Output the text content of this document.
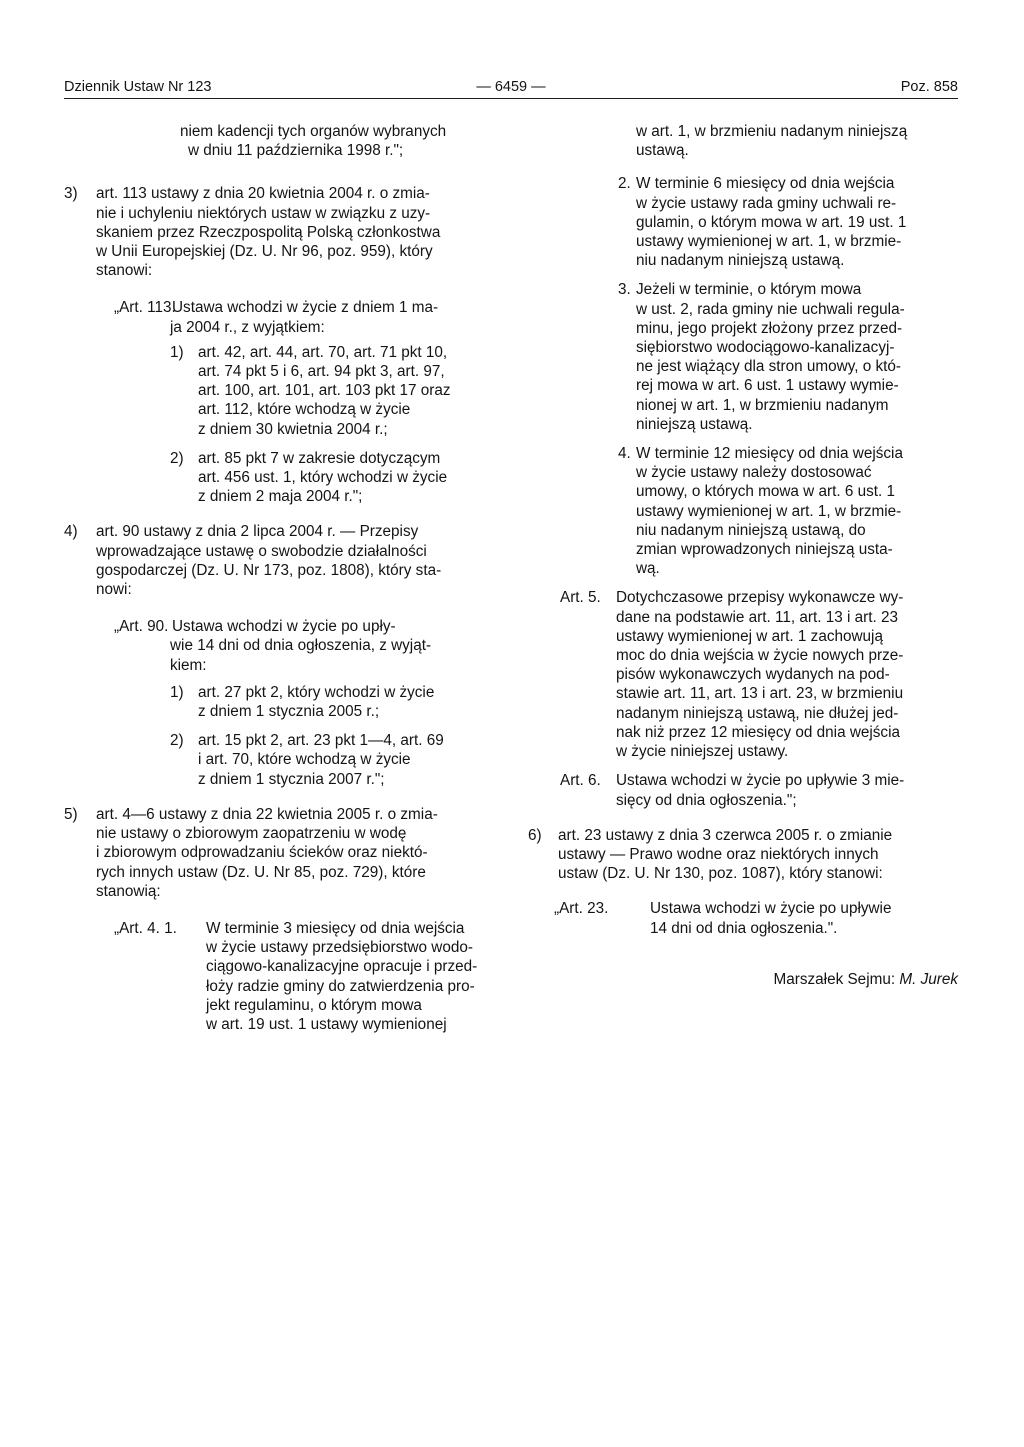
Dziennik Ustaw Nr 123	— 6459 —	Poz. 858
niem kadencji tych organów wybranych
w dniu 11 października 1998 r.";
3) art. 113 ustawy z dnia 20 kwietnia 2004 r. o zmia-
nie i uchyleniu niektórych ustaw w związku z uzy-
skaniem przez Rzeczpospolitą Polską członkostwa
w Unii Europejskiej (Dz. U. Nr 96, poz. 959), który
stanowi:
„Art. 113.
Ustawa wchodzi w życie z dniem 1 ma-
ja 2004 r., z wyjątkiem:
1) art. 42, art. 44, art. 70, art. 71 pkt 10,
art. 74 pkt 5 i 6, art. 94 pkt 3, art. 97,
art. 100, art. 101, art. 103 pkt 17 oraz
art. 112, które wchodzą w życie
z dniem 30 kwietnia 2004 r.;
2) art. 85 pkt 7 w zakresie dotyczącym
art. 456 ust. 1, który wchodzi w życie
z dniem 2 maja 2004 r.";
4) art. 90 ustawy z dnia 2 lipca 2004 r. — Przepisy
wprowadzające ustawę o swobodzie działalności
gospodarczej (Dz. U. Nr 173, poz. 1808), który sta-
nowi:
„Art. 90. Ustawa wchodzi w życie po upły-
wie 14 dni od dnia ogłoszenia, z wyjąt-
kiem:
1) art. 27 pkt 2, który wchodzi w życie
z dniem 1 stycznia 2005 r.;
2) art. 15 pkt 2, art. 23 pkt 1—4, art. 69
i art. 70, które wchodzą w życie
z dniem 1 stycznia 2007 r.";
5) art. 4—6 ustawy z dnia 22 kwietnia 2005 r. o zmia-
nie ustawy o zbiorowym zaopatrzeniu w wodę
i zbiorowym odprowadzaniu ścieków oraz niektó-
rych innych ustaw (Dz. U. Nr 85, poz. 729), które
stanowią:
„Art. 4. 1. W terminie 3 miesięcy od dnia wejścia
w życie ustawy przedsiębiorstwo wodo-
ciągowo-kanalizacyjne opracuje i przed-
łoży radzie gminy do zatwierdzenia pro-
jekt regulaminu, o którym mowa
w art. 19 ust. 1 ustawy wymienionej
w art. 1, w brzmieniu nadanym niniejszą
ustawą.
2. W terminie 6 miesięcy od dnia wejścia
w życie ustawy rada gminy uchwali re-
gulamin, o którym mowa w art. 19 ust. 1
ustawy wymienionej w art. 1, w brzmie-
niu nadanym niniejszą ustawą.
3. Jeżeli w terminie, o którym mowa
w ust. 2, rada gminy nie uchwali regula-
minu, jego projekt złożony przez przed-
siębiorstwo wodociągowo-kanalizacyj-
ne jest wiążący dla stron umowy, o któ-
rej mowa w art. 6 ust. 1 ustawy wymie-
nionej w art. 1, w brzmieniu nadanym
niniejszą ustawą.
4. W terminie 12 miesięcy od dnia wejścia
w życie ustawy należy dostosować
umowy, o których mowa w art. 6 ust. 1
ustawy wymienionej w art. 1, w brzmie-
niu nadanym niniejszą ustawą, do
zmian wprowadzonych niniejszą usta-
wą.
Art. 5. Dotychczasowe przepisy wykonawcze wy-
dane na podstawie art. 11, art. 13 i art. 23
ustawy wymienionej w art. 1 zachowują
moc do dnia wejścia w życie nowych prze-
pisów wykonawczych wydanych na pod-
stawie art. 11, art. 13 i art. 23, w brzmieniu
nadanym niniejszą ustawą, nie dłużej jed-
nak niż przez 12 miesięcy od dnia wejścia
w życie niniejszej ustawy.
Art. 6. Ustawa wchodzi w życie po upływie 3 mie-
sięcy od dnia ogłoszenia.";
6) art. 23 ustawy z dnia 3 czerwca 2005 r. o zmianie
ustawy — Prawo wodne oraz niektórych innych
ustaw (Dz. U. Nr 130, poz. 1087), który stanowi:
„Art. 23.	Ustawa wchodzi w życie po upływie
14 dni od dnia ogłoszenia.".
Marszałek Sejmu: M. Jurek
